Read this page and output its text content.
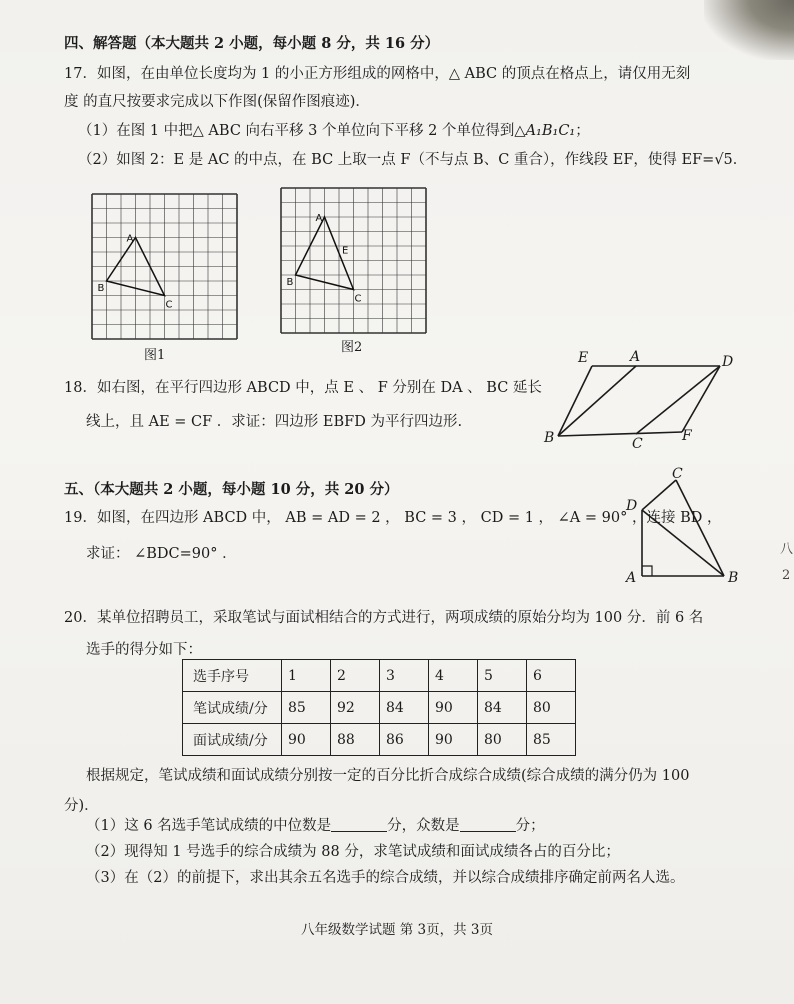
四、解答题（本大题共 2 小题，每小题 8 分，共 16 分）
17．如图，在由单位长度均为 1 的小正方形组成的网格中，△ ABC 的顶点在格点上，请仅用无刻
度 的直尺按要求完成以下作图(保留作图痕迹)．
（1）在图 1 中把△ ABC 向右平移 3 个单位向下平移 2 个单位得到△A₁B₁C₁；
（2）如图 2：E 是 AC 的中点，在 BC 上取一点 F（不与点 B、C 重合），作线段 EF，使得 EF=√5．
A
B
C
图1
A
B
C
E
图2
18．如右图，在平行四边形 ABCD 中，点 E 、 F 分别在 DA 、 BC 延长
线上，且 AE = CF ．求证：四边形 EBFD 为平行四边形.
E	A	D
B	C	F
五、（本大题共 2 小题，每小题 10 分，共 20 分）
19．如图，在四边形 ABCD 中， AB = AD = 2 ， BC = 3 ， CD = 1 ， ∠A = 90° ，连接 BD ，
求证： ∠BDC=90° ．
C
D
A	B
20．某单位招聘员工，采取笔试与面试相结合的方式进行，两项成绩的原始分均为 100 分．前 6 名
选手的得分如下：
选手序号	1	2	3	4	5	6
笔试成绩/分	85	92	84	90	84	80
面试成绩/分	90	88	86	90	80	85
根据规定，笔试成绩和面试成绩分别按一定的百分比折合成综合成绩(综合成绩的满分仍为 100
分)．
（1）这 6 名选手笔试成绩的中位数是	分，众数是	分；
（2）现得知 1 号选手的综合成绩为 88 分，求笔试成绩和面试成绩各占的百分比；
（3）在（2）的前提下，求出其余五名选手的综合成绩，并以综合成绩排序确定前两名人选。
八年级数学试题 第 3页，共 3页
八
2
